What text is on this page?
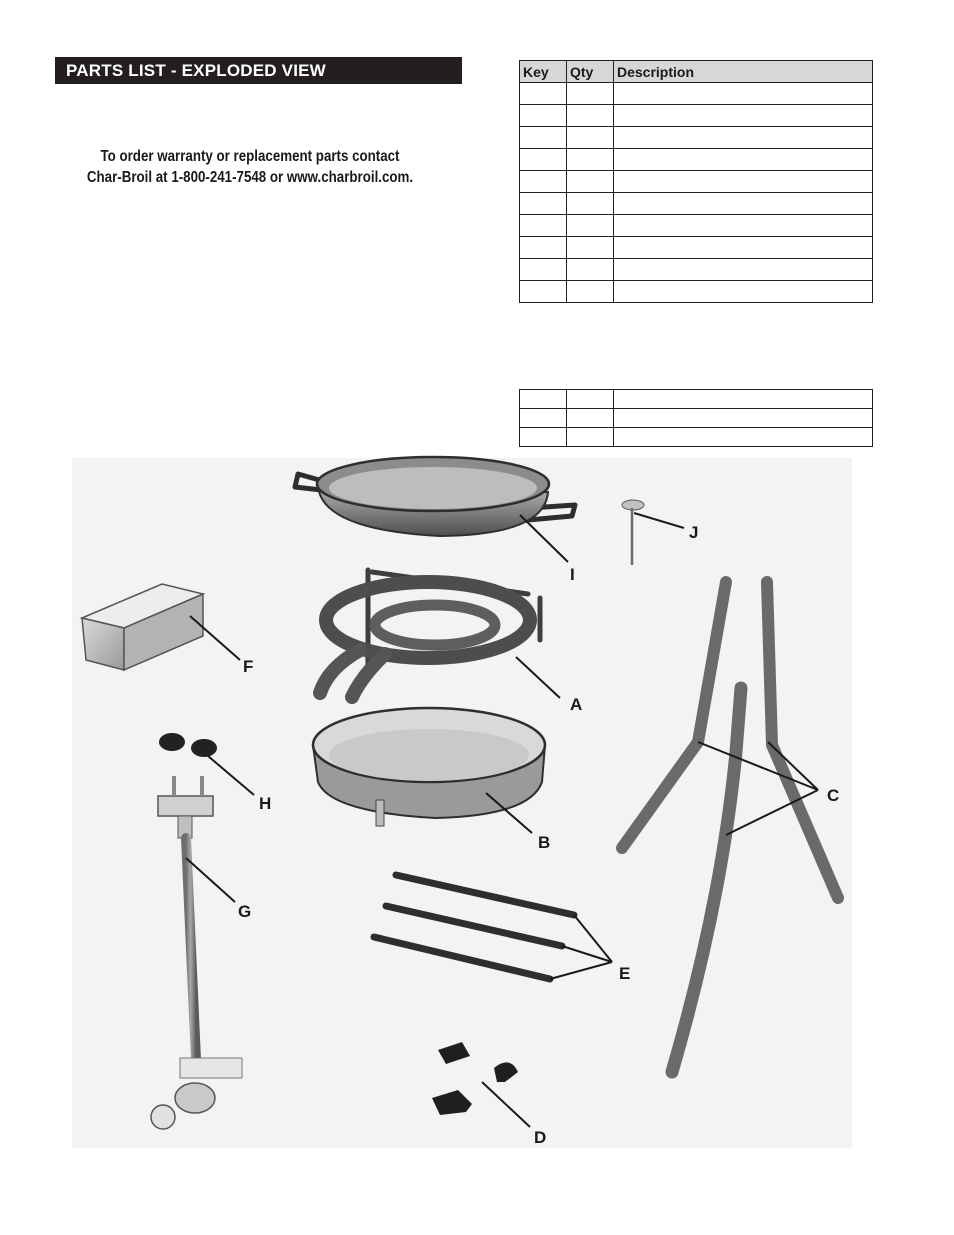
PARTS LIST - EXPLODED VIEW
To order warranty or replacement parts contact
Char-Broil at 1-800-241-7548 or www.charbroil.com.
Key	Qty	Description

A
B
C
D
E
F
G
H
I
J
